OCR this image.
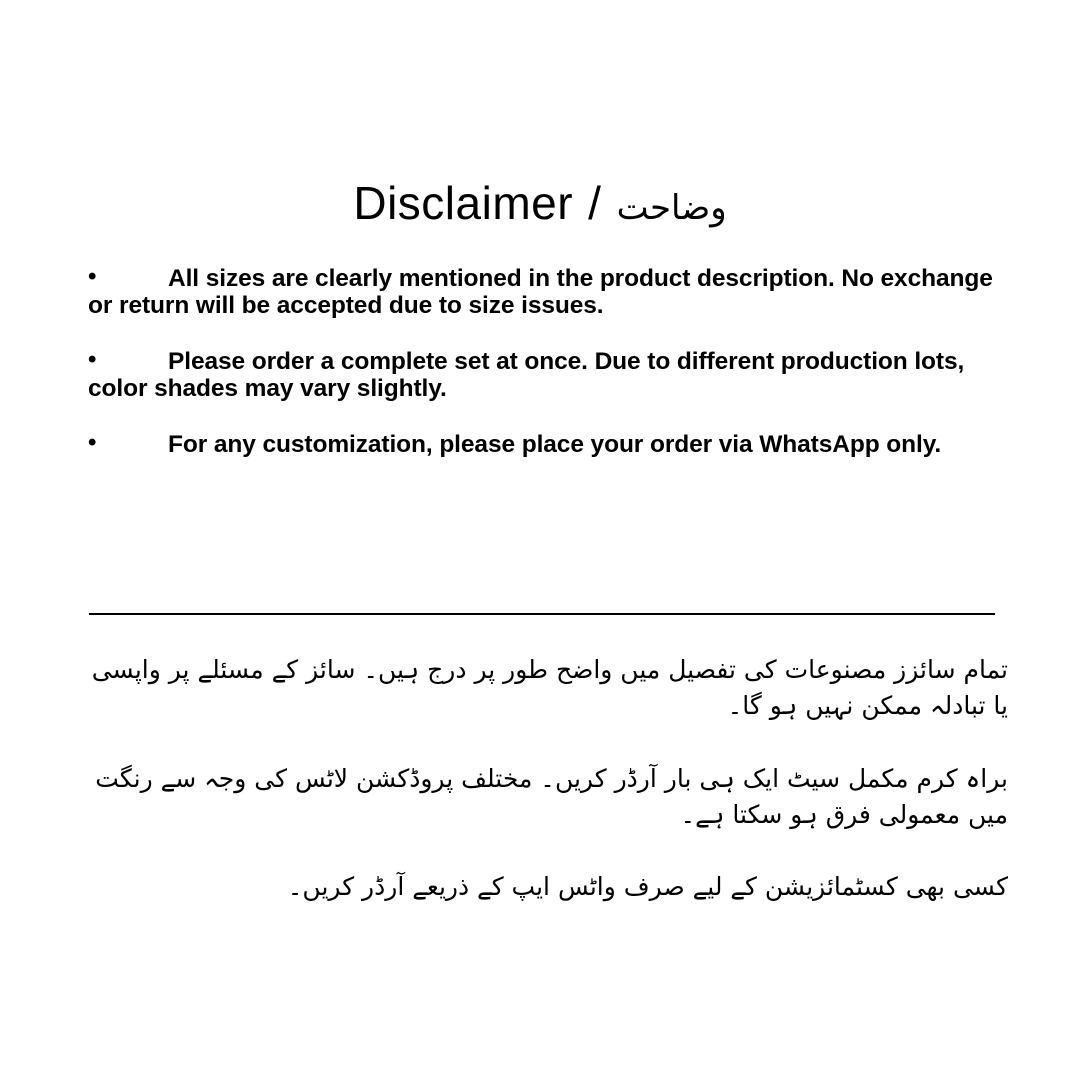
Disclaimer / وضاحت
•	All sizes are clearly mentioned in the product description. No exchange or return will be accepted due to size issues.
•	Please order a complete set at once. Due to different production lots, color shades may vary slightly.
•	For any customization, please place your order via WhatsApp only.
تمام سائزز مصنوعات کی تفصیل میں واضح طور پر درج ہیں۔ سائز کے مسئلے پر واپسی یا تبادلہ ممکن نہیں ہو گا۔
براہ کرم مکمل سیٹ ایک ہی بار آرڈر کریں۔ مختلف پروڈکشن لاٹس کی وجہ سے رنگت میں معمولی فرق ہو سکتا ہے۔
کسی بھی کسٹمائزیشن کے لیے صرف واٹس ایپ کے ذریعے آرڈر کریں۔
